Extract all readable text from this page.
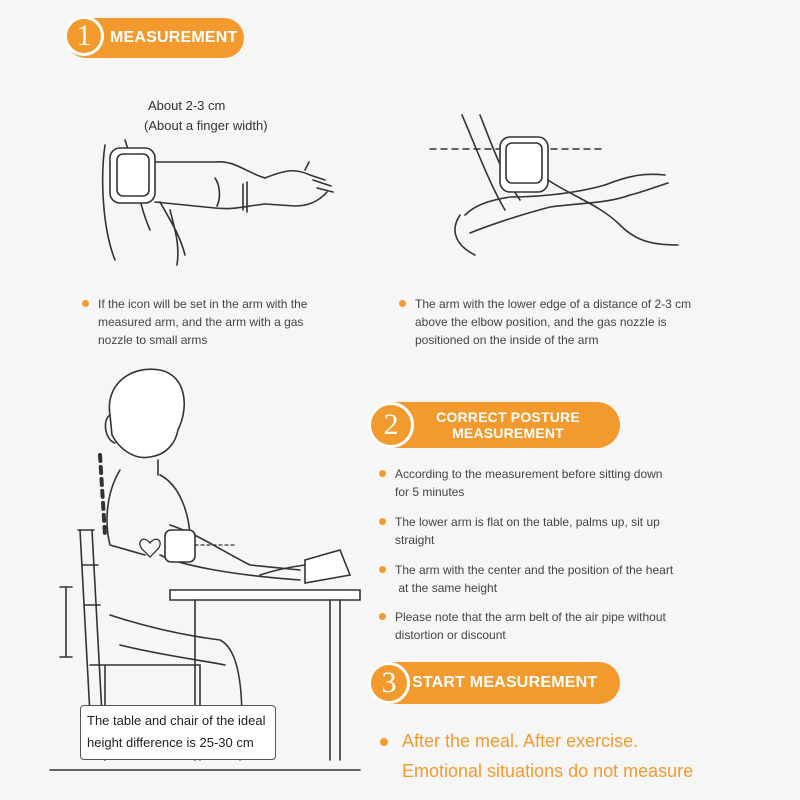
1	MEASUREMENT
About 2-3 cm
(About a finger width)
If the icon will be set in the arm with the
measured arm, and the arm with a gas
nozzle to small arms
The arm with the lower edge of a distance of 2-3 cm
above the elbow position, and the gas nozzle is
positioned on the inside of the arm
The table and chair of the ideal
height difference is 25-30 cm
2	CORRECT POSTURE
MEASUREMENT
According to the measurement before sitting down
for 5 minutes
The lower arm is flat on the table, palms up, sit up
straight
The arm with the center and the position of the heart
at the same height
Please note that the arm belt of the air pipe without
distortion or discount
3 START MEASUREMENT
After the meal. After exercise.
Emotional situations do not measure
